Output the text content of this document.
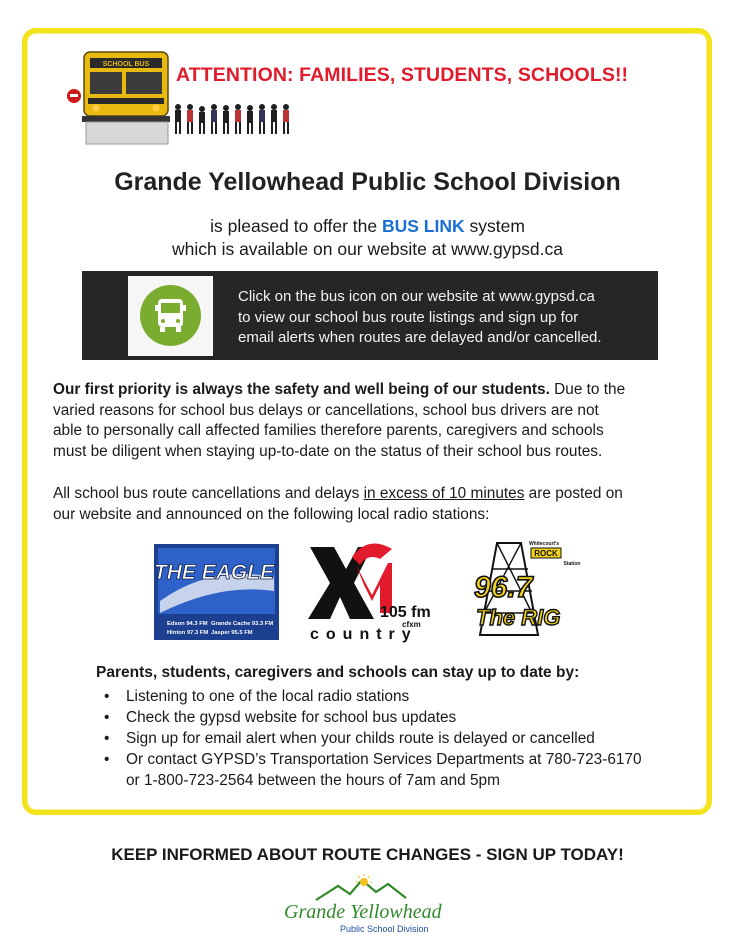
SCHOOL BUS ATTENTION: FAMILIES, STUDENTS, SCHOOLS!!
Grande Yellowhead Public School Division
is pleased to offer the BUS LINK system
which is available on our website at www.gypsd.ca
Click on the bus icon on our website at www.gypsd.ca
to view our school bus route listings and sign up for
email alerts when routes are delayed and/or cancelled.
Our first priority is always the safety and well being of our students. Due to the
varied reasons for school bus delays or cancellations, school bus drivers are not
able to personally call affected families therefore parents, caregivers and schools
must be diligent when staying up-to-date on the status of their school bus routes.
All school bus route cancellations and delays in excess of 10 minutes are posted on
our website and announced on the following local radio stations:
THE EAGLE
Edson 94.3 FM Grande Cache 93.3 FM
Hinton 97.3 FM Jasper 95.5 FM
105 fm
cfxm
country
Whitecourt's
ROCK
Station
96.7
The RIG
Parents, students, caregivers and schools can stay up to date by:
• Listening to one of the local radio stations
• Check the gypsd website for school bus updates
• Sign up for email alert when your childs route is delayed or cancelled
• Or contact GYPSD’s Transportation Services Departments at 780-723-6170
or 1-800-723-2564 between the hours of 7am and 5pm
KEEP INFORMED ABOUT ROUTE CHANGES - SIGN UP TODAY!
Grande Yellowhead
Public School Division
